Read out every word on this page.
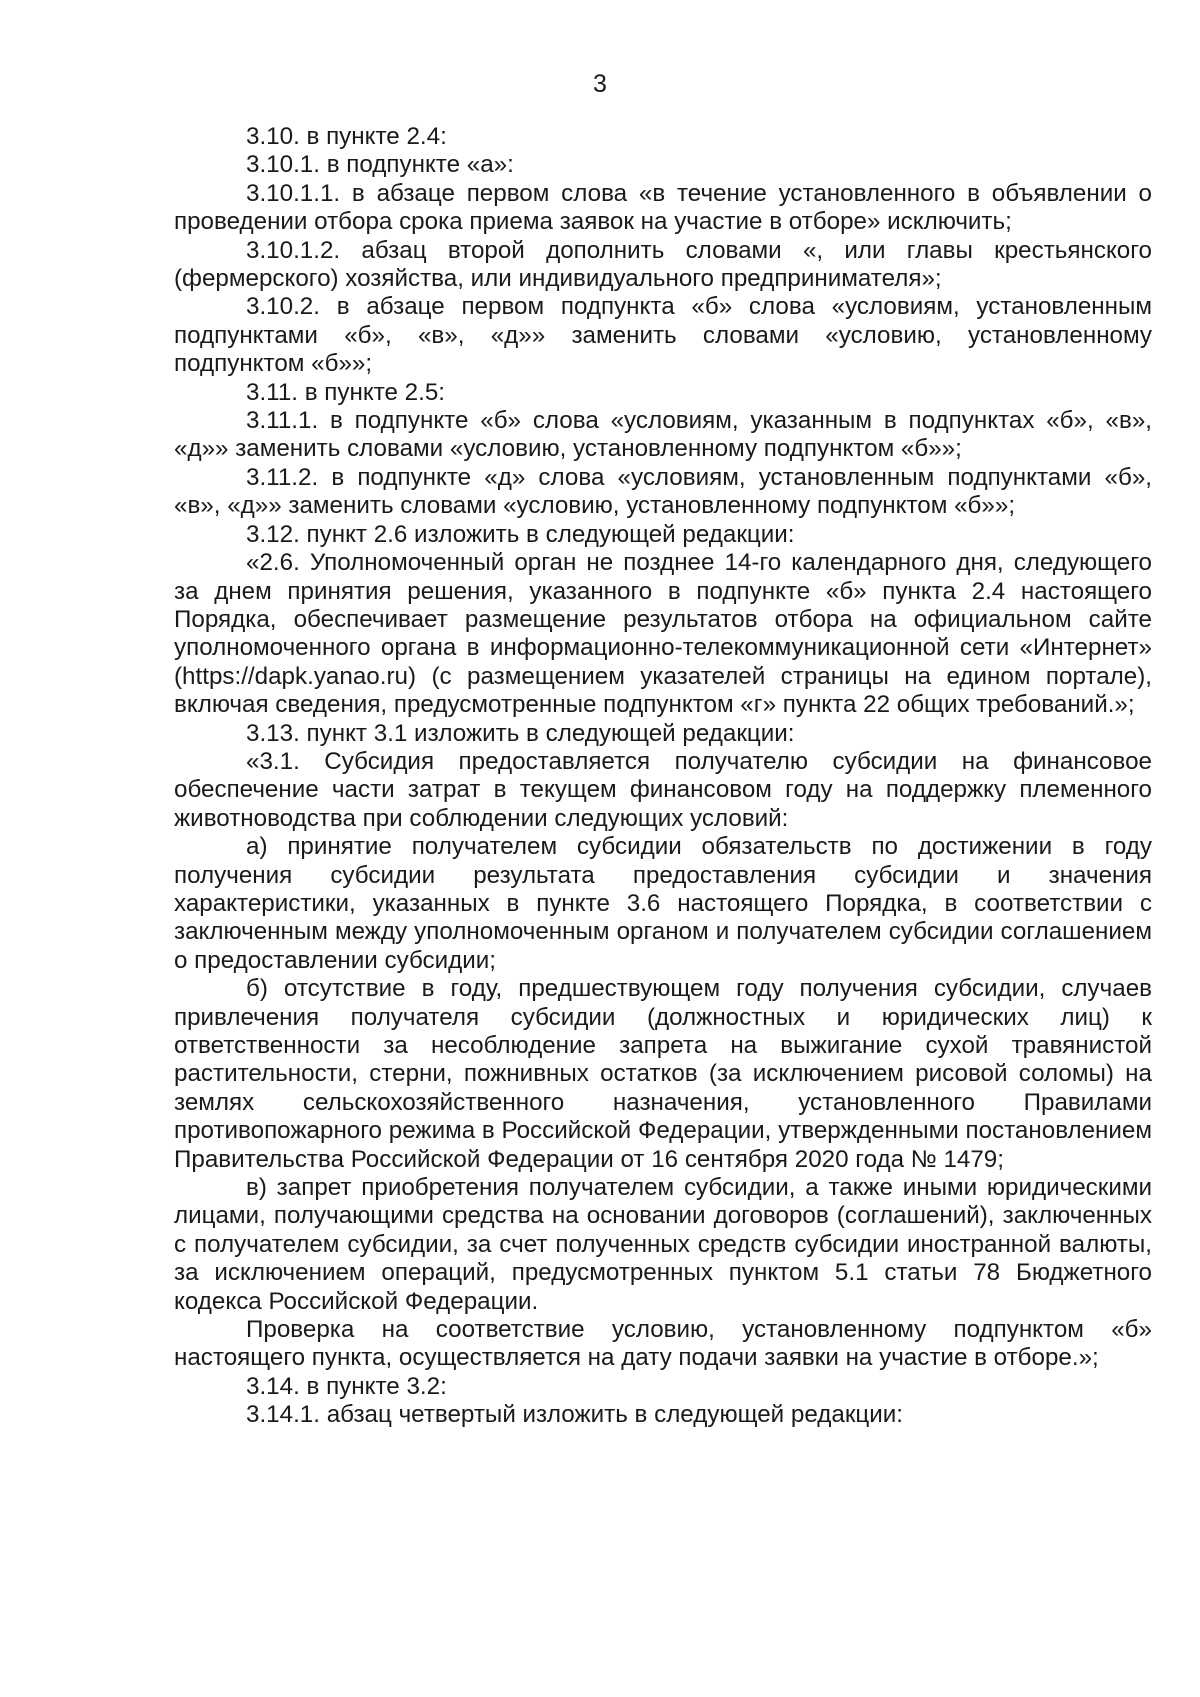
3

3.10. в пункте 2.4:

3.10.1. в подпункте «а»:

3.10.1.1. в абзаце первом слова «в течение установленного в объявлении о проведении отбора срока приема заявок на участие в отборе» исключить;

3.10.1.2. абзац второй дополнить словами «, или главы крестьянского (фермерского) хозяйства, или индивидуального предпринимателя»;

3.10.2. в абзаце первом подпункта «б» слова «условиям, установленным подпунктами «б», «в», «д»» заменить словами «условию, установленному подпунктом «б»»;

3.11. в пункте 2.5:

3.11.1. в подпункте «б» слова «условиям, указанным в подпунктах «б», «в», «д»» заменить словами «условию, установленному подпунктом «б»»;

3.11.2. в подпункте «д» слова «условиям, установленным подпунктами «б», «в», «д»» заменить словами «условию, установленному подпунктом «б»»;

3.12. пункт 2.6 изложить в следующей редакции:

«2.6. Уполномоченный орган не позднее 14-го календарного дня, следующего за днем принятия решения, указанного в подпункте «б» пункта 2.4 настоящего Порядка, обеспечивает размещение результатов отбора на официальном сайте уполномоченного органа в информационно-телекоммуникационной сети «Интернет» (https://dapk.yanao.ru) (с размещением указателей страницы на едином портале), включая сведения, предусмотренные подпунктом «г» пункта 22 общих требований.»;

3.13. пункт 3.1 изложить в следующей редакции:

«3.1. Субсидия предоставляется получателю субсидии на финансовое обеспечение части затрат в текущем финансовом году на поддержку племенного животноводства при соблюдении следующих условий:

а) принятие получателем субсидии обязательств по достижении в году получения субсидии результата предоставления субсидии и значения характеристики, указанных в пункте 3.6 настоящего Порядка, в соответствии с заключенным между уполномоченным органом и получателем субсидии соглашением о предоставлении субсидии;

б) отсутствие в году, предшествующем году получения субсидии, случаев привлечения получателя субсидии (должностных и юридических лиц) к ответственности за несоблюдение запрета на выжигание сухой травянистой растительности, стерни, пожнивных остатков (за исключением рисовой соломы) на землях сельскохозяйственного назначения, установленного Правилами противопожарного режима в Российской Федерации, утвержденными постановлением Правительства Российской Федерации от 16 сентября 2020 года № 1479;

в) запрет приобретения получателем субсидии, а также иными юридическими лицами, получающими средства на основании договоров (соглашений), заключенных с получателем субсидии, за счет полученных средств субсидии иностранной валюты, за исключением операций, предусмотренных пунктом 5.1 статьи 78 Бюджетного кодекса Российской Федерации.

Проверка на соответствие условию, установленному подпунктом «б» настоящего пункта, осуществляется на дату подачи заявки на участие в отборе.»;

3.14. в пункте 3.2:

3.14.1. абзац четвертый изложить в следующей редакции:
